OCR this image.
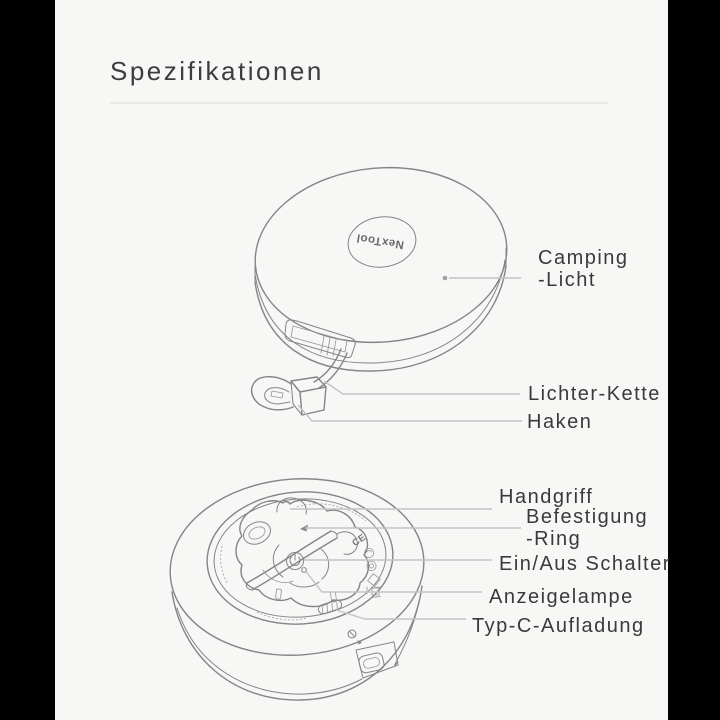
Spezifikationen
NexTool
CE
Camping
-Licht
Lichter-Kette
Haken
Handgriff
Befestigung
-Ring
Ein/Aus Schalter
Anzeigelampe
Typ-C-Aufladung
